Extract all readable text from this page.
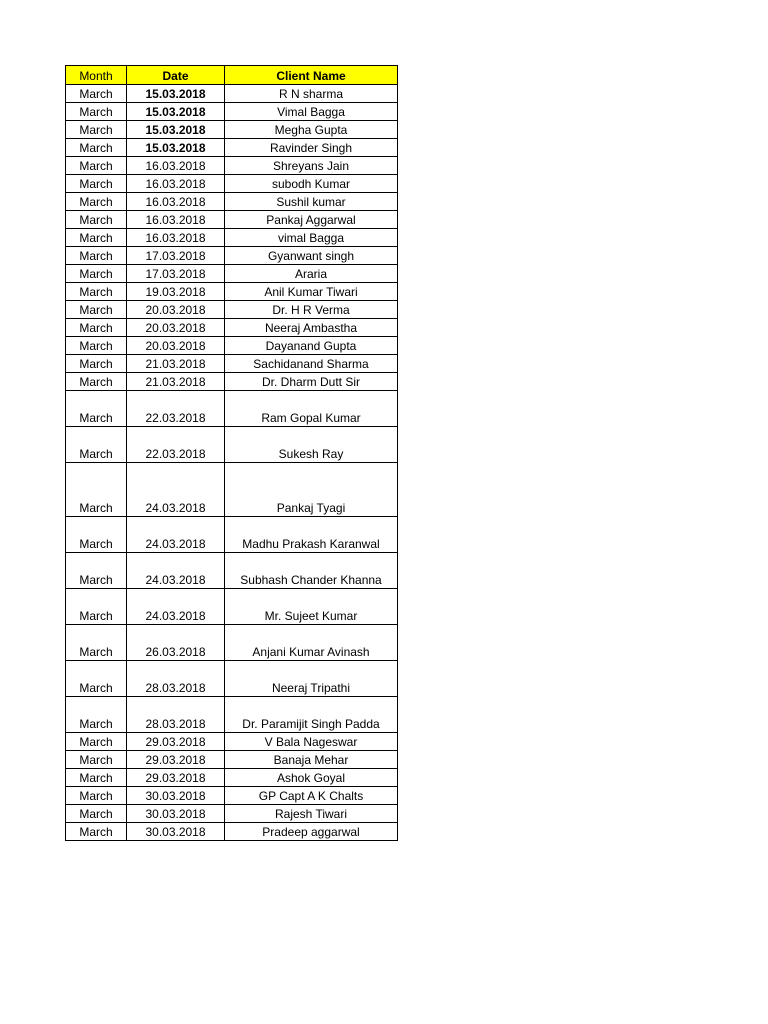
Month	Date	Client Name
March	15.03.2018	R N sharma
March	15.03.2018	Vimal Bagga
March	15.03.2018	Megha Gupta
March	15.03.2018	Ravinder Singh
March	16.03.2018	Shreyans Jain
March	16.03.2018	subodh Kumar
March	16.03.2018	Sushil kumar
March	16.03.2018	Pankaj Aggarwal
March	16.03.2018	vimal Bagga
March	17.03.2018	Gyanwant singh
March	17.03.2018	Araria
March	19.03.2018	Anil Kumar Tiwari
March	20.03.2018	Dr. H R Verma
March	20.03.2018	Neeraj Ambastha
March	20.03.2018	Dayanand Gupta
March	21.03.2018	Sachidanand Sharma
March	21.03.2018	Dr. Dharm Dutt Sir
March	22.03.2018	Ram Gopal Kumar
March	22.03.2018	Sukesh Ray
March	24.03.2018	Pankaj Tyagi
March	24.03.2018	Madhu Prakash Karanwal
March	24.03.2018	Subhash Chander Khanna
March	24.03.2018	Mr. Sujeet Kumar
March	26.03.2018	Anjani Kumar Avinash
March	28.03.2018	Neeraj Tripathi
March	28.03.2018	Dr. Paramijit Singh Padda
March	29.03.2018	V Bala Nageswar
March	29.03.2018	Banaja Mehar
March	29.03.2018	Ashok Goyal
March	30.03.2018	GP Capt A K Chalts
March	30.03.2018	Rajesh Tiwari
March	30.03.2018	Pradeep aggarwal
